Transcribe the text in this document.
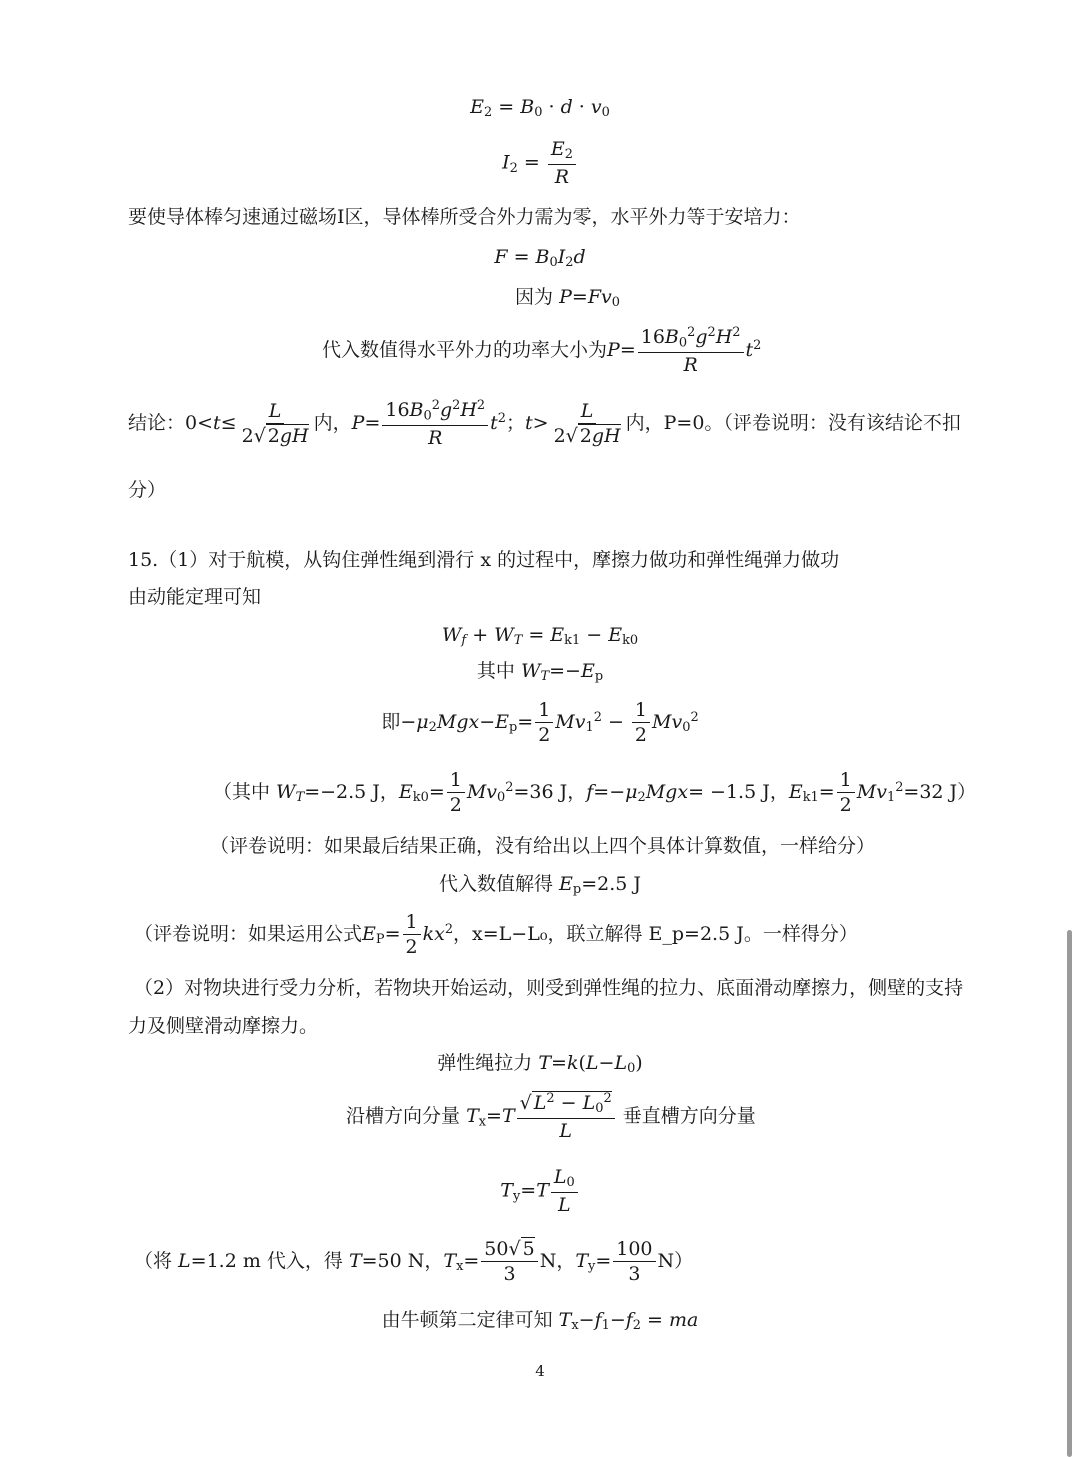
$E_2 = B_0 \cdot d \cdot v_0$
$I_2 = \frac{E_2}{R}$
要使导体棒匀速通过磁场I区，导体棒所受合外力需为零，水平外力等于安培力：
$F = B_0I_2d$
因为 $P=Fv_0$
代入数值得水平外力的功率大小为$P= \frac{16B_0^2g^2H^2}{R} t^2$
结论：$0<t\le \frac{L}{2√ 2gH}$ 内，$P= \frac{16B_0^2g^2H^2}{R} t^2$；$t> \frac{L}{2√ 2gH}$ 内，P=0。（评卷说明：没有该结论不扣
分）
15.（1）对于航模，从钩住弹性绳到滑行 x 的过程中，摩擦力做功和弹性绳弹力做功
由动能定理可知
$W_f + W_T = E_{k1} - E_{k0}$
其中 $W_T=-E_p$
即$-\mu_2Mgx-E_p= \frac{1}{2} Mv_1^2 - \frac{1}{2} Mv_0^2$
（其中 $W_T=-2.5$ J，$E_{k0}= \frac{1}{2} Mv_0^2=36$ J，$f=-\mu_2Mgx= -1.5$ J，$E_{k1}= \frac{1}{2} Mv_1^2=32$ J）
（评卷说明：如果最后结果正确，没有给出以上四个具体计算数值，一样给分）
代入数值解得 $E_p=2.5$ J
（评卷说明：如果运用公式$E_P= \frac{1}{2} kx^2$，x=L−L₀，联立解得 E_p=2.5 J。一样得分）
（2）对物块进行受力分析，若物块开始运动，则受到弹性绳的拉力、底面滑动摩擦力，侧壁的支持
力及侧壁滑动摩擦力。
弹性绳拉力 $T=k(L-L_0)$
沿槽方向分量 $T_x=T \frac{√ L^2 - L_0^2}{L}$ 垂直槽方向分量
$T_y=T \frac{L_0}{L}$
（将 L=1.2 m 代入，得 T=50 N，$T_x= \frac{50√ 5}{3}$ N，$T_y= \frac{100}{3} N$）
由牛顿第二定律可知 $T_x-f_1-f_2$ = ma
4
